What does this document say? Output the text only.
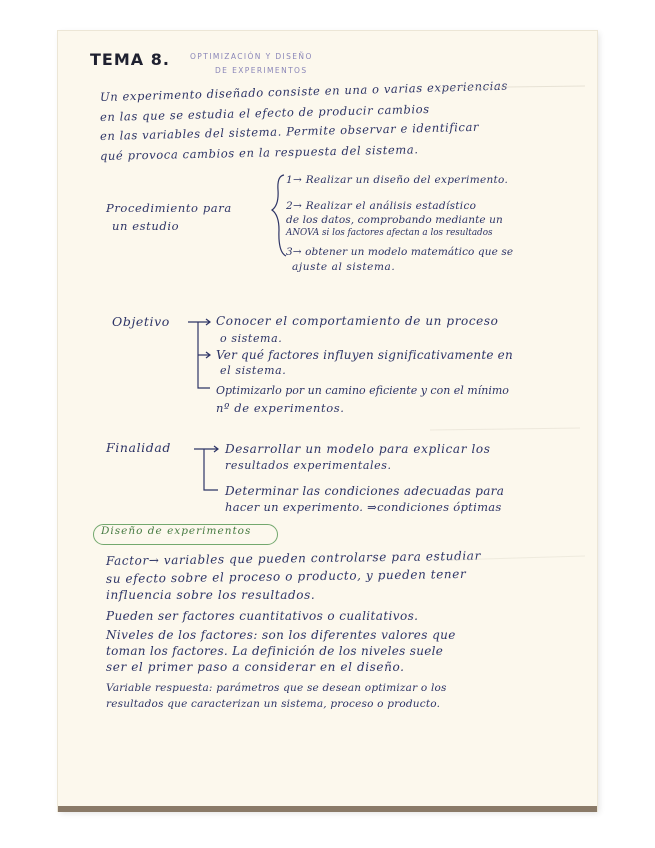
TEMA 8.	OPTIMIZACIÓN Y DISEÑO
DE EXPERIMENTOS
Un experimento diseñado consiste en una o varias experiencias
en las que se estudia el efecto de producir cambios
en las variables del sistema. Permite observar e identificar
qué provoca cambios en la respuesta del sistema.
Procedimiento para
un estudio
1→ Realizar un diseño del experimento.
2→ Realizar el análisis estadístico
de los datos, comprobando mediante un
ANOVA si los factores afectan a los resultados
3→ obtener un modelo matemático que se
ajuste al sistema.
Objetivo	Conocer el comportamiento de un proceso
o sistema.
Ver qué factores influyen significativamente en
el sistema.
Optimizarlo por un camino eficiente y con el mínimo
nº de experimentos.
Finalidad	Desarrollar un modelo para explicar los
resultados experimentales.
Determinar las condiciones adecuadas para
hacer un experimento. ⇒condiciones óptimas
Diseño de experimentos
Factor→ variables que pueden controlarse para estudiar
su efecto sobre el proceso o producto, y pueden tener
influencia sobre los resultados.
Pueden ser factores cuantitativos o cualitativos.
Niveles de los factores: son los diferentes valores que
toman los factores. La definición de los niveles suele
ser el primer paso a considerar en el diseño.
Variable respuesta: parámetros que se desean optimizar o los
resultados que caracterizan un sistema, proceso o producto.
